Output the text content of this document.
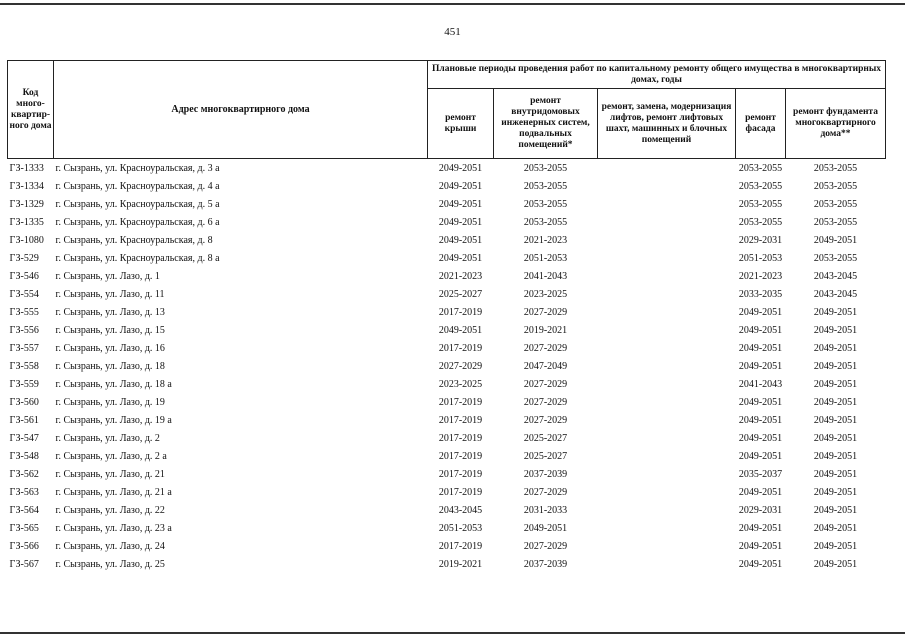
451
Код много-квартир-ного дома	Адрес многоквартирного дома	Плановые периоды проведения работ по капитальному ремонту общего имущества в многоквартирных домах, годы				
		ремонт крыши	ремонт внутридомовых инженерных систем, подвальных помещений*	ремонт, замена, модернизация лифтов, ремонт лифтовых шахт, машинных и блочных помещений	ремонт фасада	ремонт фундамента многоквартирного дома**
ГЗ-1333	г. Сызрань, ул. Красноуральская, д. 3 а	2049-2051	2053-2055		2053-2055	2053-2055
ГЗ-1334	г. Сызрань, ул. Красноуральская, д. 4 а	2049-2051	2053-2055		2053-2055	2053-2055
ГЗ-1329	г. Сызрань, ул. Красноуральская, д. 5 а	2049-2051	2053-2055		2053-2055	2053-2055
ГЗ-1335	г. Сызрань, ул. Красноуральская, д. 6 а	2049-2051	2053-2055		2053-2055	2053-2055
ГЗ-1080	г. Сызрань, ул. Красноуральская, д. 8	2049-2051	2021-2023		2029-2031	2049-2051
ГЗ-529	г. Сызрань, ул. Красноуральская, д. 8 а	2049-2051	2051-2053		2051-2053	2053-2055
ГЗ-546	г. Сызрань, ул. Лазо, д. 1	2021-2023	2041-2043		2021-2023	2043-2045
ГЗ-554	г. Сызрань, ул. Лазо, д. 11	2025-2027	2023-2025		2033-2035	2043-2045
ГЗ-555	г. Сызрань, ул. Лазо, д. 13	2017-2019	2027-2029		2049-2051	2049-2051
ГЗ-556	г. Сызрань, ул. Лазо, д. 15	2049-2051	2019-2021		2049-2051	2049-2051
ГЗ-557	г. Сызрань, ул. Лазо, д. 16	2017-2019	2027-2029		2049-2051	2049-2051
ГЗ-558	г. Сызрань, ул. Лазо, д. 18	2027-2029	2047-2049		2049-2051	2049-2051
ГЗ-559	г. Сызрань, ул. Лазо, д. 18 а	2023-2025	2027-2029		2041-2043	2049-2051
ГЗ-560	г. Сызрань, ул. Лазо, д. 19	2017-2019	2027-2029		2049-2051	2049-2051
ГЗ-561	г. Сызрань, ул. Лазо, д. 19 а	2017-2019	2027-2029		2049-2051	2049-2051
ГЗ-547	г. Сызрань, ул. Лазо, д. 2	2017-2019	2025-2027		2049-2051	2049-2051
ГЗ-548	г. Сызрань, ул. Лазо, д. 2 а	2017-2019	2025-2027		2049-2051	2049-2051
ГЗ-562	г. Сызрань, ул. Лазо, д. 21	2017-2019	2037-2039		2035-2037	2049-2051
ГЗ-563	г. Сызрань, ул. Лазо, д. 21 а	2017-2019	2027-2029		2049-2051	2049-2051
ГЗ-564	г. Сызрань, ул. Лазо, д. 22	2043-2045	2031-2033		2029-2031	2049-2051
ГЗ-565	г. Сызрань, ул. Лазо, д. 23 а	2051-2053	2049-2051		2049-2051	2049-2051
ГЗ-566	г. Сызрань, ул. Лазо, д. 24	2017-2019	2027-2029		2049-2051	2049-2051
ГЗ-567	г. Сызрань, ул. Лазо, д. 25	2019-2021	2037-2039		2049-2051	2049-2051
